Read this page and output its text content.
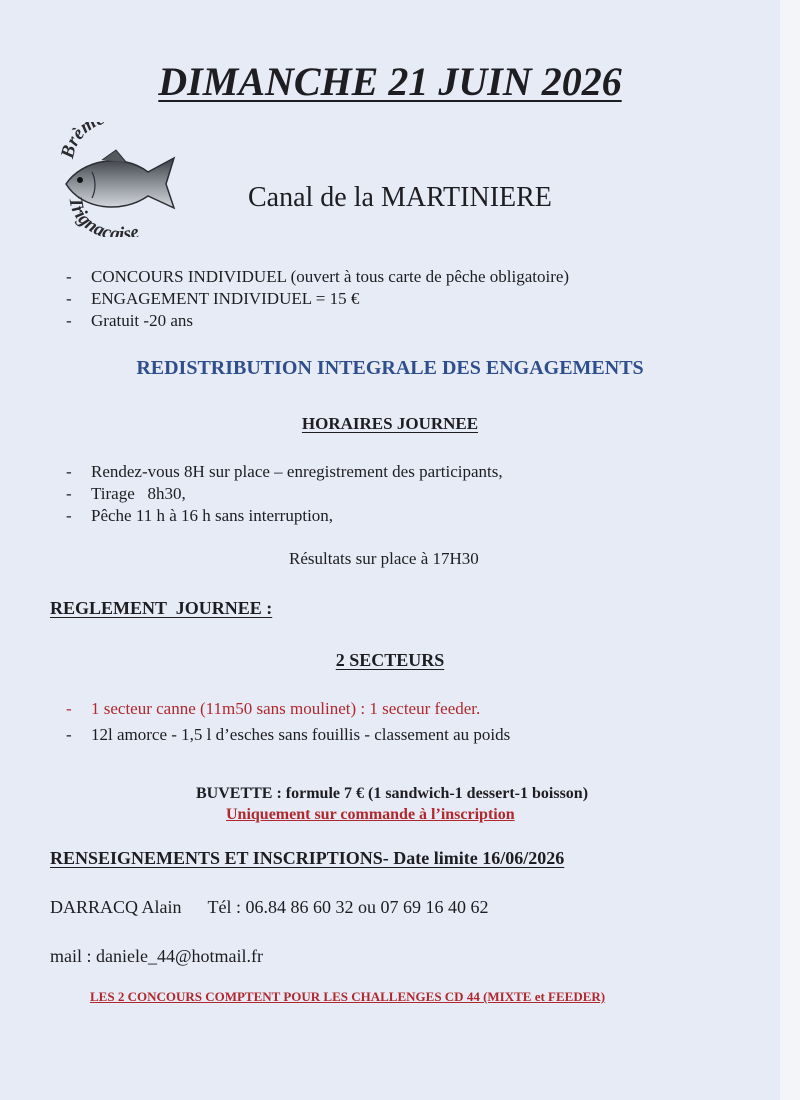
DIMANCHE 21 JUIN 2026
Brèm
Trignacaise
Canal de la MARTINIERE
- CONCOURS INDIVIDUEL (ouvert à tous carte de pêche obligatoire)
- ENGAGEMENT INDIVIDUEL = 15 €
- Gratuit -20 ans
REDISTRIBUTION INTEGRALE DES ENGAGEMENTS
HORAIRES JOURNEE
- Rendez-vous 8H sur place – enregistrement des participants,
- Tirage   8h30,
- Pêche 11 h à 16 h sans interruption,
Résultats sur place à 17H30
REGLEMENT  JOURNEE :
2 SECTEURS
- 1 secteur canne (11m50 sans moulinet) : 1 secteur feeder.
- 12l amorce - 1,5 l d’esches sans fouillis - classement au poids
BUVETTE : formule 7 € (1 sandwich-1 dessert-1 boisson)
Uniquement sur commande à l’inscription
RENSEIGNEMENTS ET INSCRIPTIONS- Date limite 16/06/2026
DARRACQ Alain Tél : 06.84 86 60 32 ou 07 69 16 40 62
mail : daniele_44@hotmail.fr
LES 2 CONCOURS COMPTENT POUR LES CHALLENGES CD 44 (MIXTE et FEEDER)
